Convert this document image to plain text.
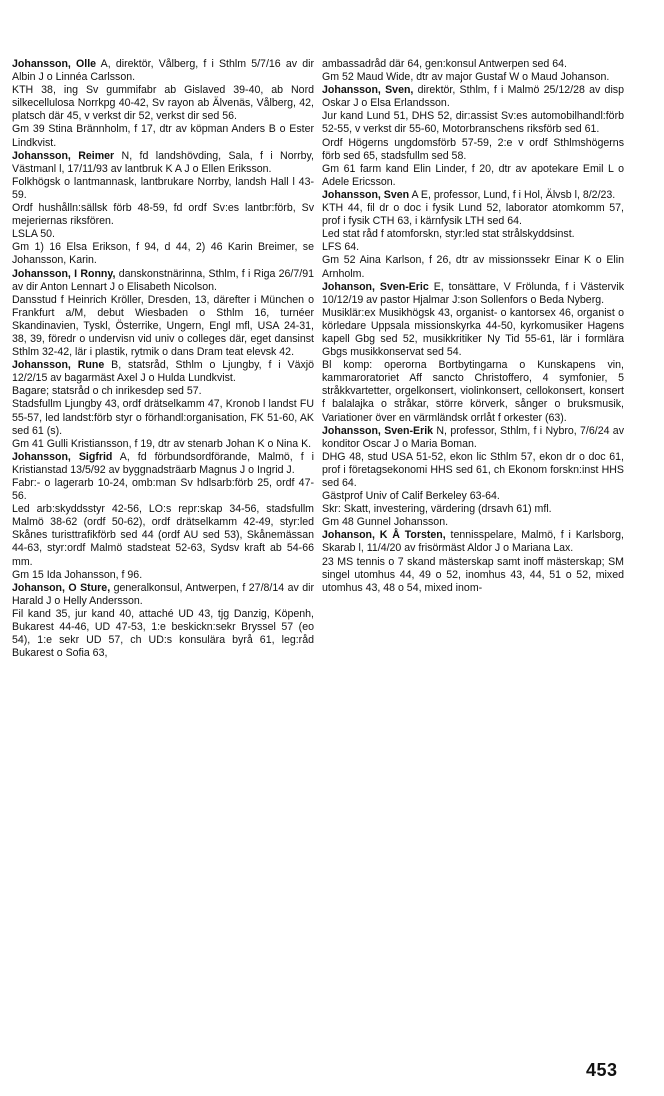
Johansson, Olle A, direktör, Vålberg, f i Sthlm 5/7/16 av dir Albin J o Linnéa Carlsson.

KTH 38, ing Sv gummifabr ab Gislaved 39-40, ab Nord silkecellulosa Norrkpg 40-42, Sv rayon ab Älvenäs, Vålberg, 42, platsch där 45, v verkst dir 52, verkst dir sed 56.

Gm 39 Stina Brännholm, f 17, dtr av köpman Anders B o Ester Lindkvist.

Johansson, Reimer N, fd landshövding, Sala, f i Norrby, Västmanl l, 17/11/93 av lantbruk K A J o Ellen Eriksson.

Folkhögsk o lantmannask, lantbrukare Norrby, landsh Hall l 43-59.

Ordf hushålln:sällsk förb 48-59, fd ordf Sv:es lantbr:förb, Sv mejeriernas riksfören.

LSLA 50.

Gm 1) 16 Elsa Erikson, f 94, d 44, 2) 46 Karin Breimer, se Johansson, Karin.

Johansson, I Ronny, danskonstnärinna, Sthlm, f i Riga 26/7/91 av dir Anton Lennart J o Elisabeth Nicolson.

Dansstud f Heinrich Kröller, Dresden, 13, därefter i München o Frankfurt a/M, debut Wiesbaden o Sthlm 16, turnéer Skandinavien, Tyskl, Österrike, Ungern, Engl mfl, USA 24-31, 38, 39, föredr o undervisn vid univ o colleges där, eget dansinst Sthlm 32-42, lär i plastik, rytmik o dans Dram teat elevsk 42.

Johansson, Rune B, statsråd, Sthlm o Ljungby, f i Växjö 12/2/15 av bagarmäst Axel J o Hulda Lundkvist.

Bagare; statsråd o ch inrikesdep sed 57.

Stadsfullm Ljungby 43, ordf drätselkamm 47, Kronob l landst FU 55-57, led landst:förb styr o förhandl:organisation, FK 51-60, AK sed 61 (s).

Gm 41 Gulli Kristiansson, f 19, dtr av stenarb Johan K o Nina K.

Johansson, Sigfrid A, fd förbundsordförande, Malmö, f i Kristianstad 13/5/92 av byggnadsträarb Magnus J o Ingrid J.

Fabr:- o lagerarb 10-24, omb:man Sv hdlsarb:förb 25, ordf 47-56.

Led arb:skyddsstyr 42-56, LO:s repr:skap 34-56, stadsfullm Malmö 38-62 (ordf 50-62), ordf drätselkamm 42-49, styr:led Skånes turisttrafikförb sed 44 (ordf AU sed 53), Skånemässan 44-63, styr:ordf Malmö stadsteat 52-63, Sydsv kraft ab 54-66 mm.

Gm 15 Ida Johansson, f 96.

Johanson, O Sture, generalkonsul, Antwerpen, f 27/8/14 av dir Harald J o Helly Andersson.

Fil kand 35, jur kand 40, attaché UD 43, tjg Danzig, Köpenh, Bukarest 44-46, UD 47-53, 1:e beskickn:sekr Bryssel 57 (eo 54), 1:e sekr UD 57, ch UD:s konsulära byrå 61, leg:råd Bukarest o Sofia 63,

ambassadråd där 64, gen:konsul Antwerpen sed 64.

Gm 52 Maud Wide, dtr av major Gustaf W o Maud Johanson.

Johansson, Sven, direktör, Sthlm, f i Malmö 25/12/28 av disp Oskar J o Elsa Erlandsson.

Jur kand Lund 51, DHS 52, dir:assist Sv:es automobilhandl:förb 52-55, v verkst dir 55-60, Motorbranschens riksförb sed 61.

Ordf Högerns ungdomsförb 57-59, 2:e v ordf Sthlmshögerns förb sed 65, stadsfullm sed 58.

Gm 61 farm kand Elin Linder, f 20, dtr av apotekare Emil L o Adele Ericsson.

Johansson, Sven A E, professor, Lund, f i Hol, Älvsb l, 8/2/23.

KTH 44, fil dr o doc i fysik Lund 52, laborator atomkomm 57, prof i fysik CTH 63, i kärnfysik LTH sed 64.

Led stat råd f atomforskn, styr:led stat strålskyddsinst.

LFS 64.

Gm 52 Aina Karlson, f 26, dtr av missionssekr Einar K o Elin Arnholm.

Johanson, Sven-Eric E, tonsättare, V Frölunda, f i Västervik 10/12/19 av pastor Hjalmar J:son Sollenfors o Beda Nyberg.

Musiklär:ex Musikhögsk 43, organist- o kantorsex 46, organist o körledare Uppsala missionskyrka 44-50, kyrkomusiker Hagens kapell Gbg sed 52, musikkritiker Ny Tid 55-61, lär i formlära Gbgs musikkonservat sed 54.

Bl komp: operorna Bortbytingarna o Kunskapens vin, kammaroratoriet Aff sancto Christoffero, 4 symfonier, 5 stråkkvartetter, orgelkonsert, violinkonsert, cellokonsert, konsert f balalajka o stråkar, större körverk, sånger o bruksmusik, Variationer över en värmländsk orrlåt f orkester (63).

Johansson, Sven-Erik N, professor, Sthlm, f i Nybro, 7/6/24 av konditor Oscar J o Maria Boman.

DHG 48, stud USA 51-52, ekon lic Sthlm 57, ekon dr o doc 61, prof i företagsekonomi HHS sed 61, ch Ekonom forskn:inst HHS sed 64.

Gästprof Univ of Calif Berkeley 63-64.

Skr: Skatt, investering, värdering (drsavh 61) mfl.

Gm 48 Gunnel Johansson.

Johanson, K Å Torsten, tennisspelare, Malmö, f i Karlsborg, Skarab l, 11/4/20 av frisörmäst Aldor J o Mariana Lax.

23 MS tennis o 7 skand mästerskap samt inoff mästerskap; SM singel utomhus 44, 49 o 52, inomhus 43, 44, 51 o 52, mixed utomhus 43, 48 o 54, mixed inom-

453
